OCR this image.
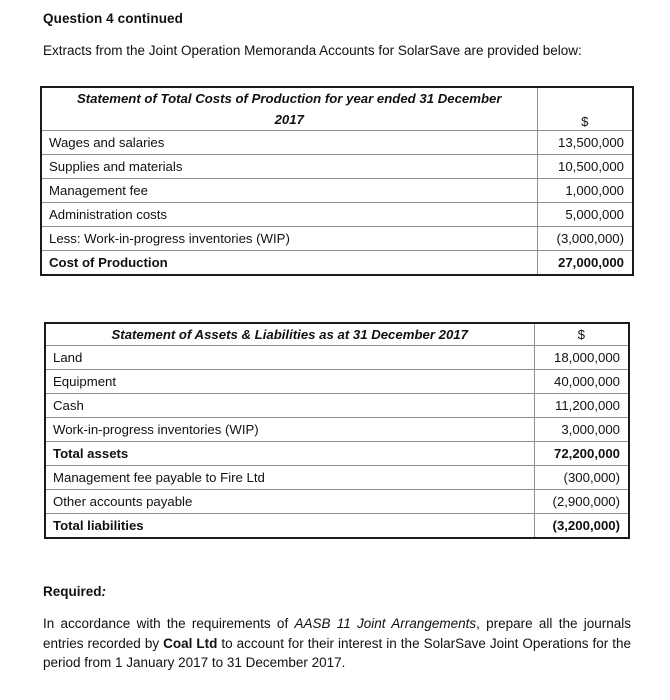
Question 4 continued
Extracts from the Joint Operation Memoranda Accounts for SolarSave are provided below:
Statement of Total Costs of Production for year ended 31 December
2017	$
Wages and salaries	13,500,000
Supplies and materials	10,500,000
Management fee	1,000,000
Administration costs	5,000,000
Less: Work-in-progress inventories (WIP)	(3,000,000)
Cost of Production	27,000,000
Statement of Assets & Liabilities as at 31 December 2017	$
Land	18,000,000
Equipment	40,000,000
Cash	11,200,000
Work-in-progress inventories (WIP)	3,000,000
Total assets	72,200,000
Management fee payable to Fire Ltd	(300,000)
Other accounts payable	(2,900,000)
Total liabilities	(3,200,000)
Required:
In accordance with the requirements of AASB 11 Joint Arrangements, prepare all the journals entries recorded by Coal Ltd to account for their interest in the SolarSave Joint Operations for the period from 1 January 2017 to 31 December 2017.
